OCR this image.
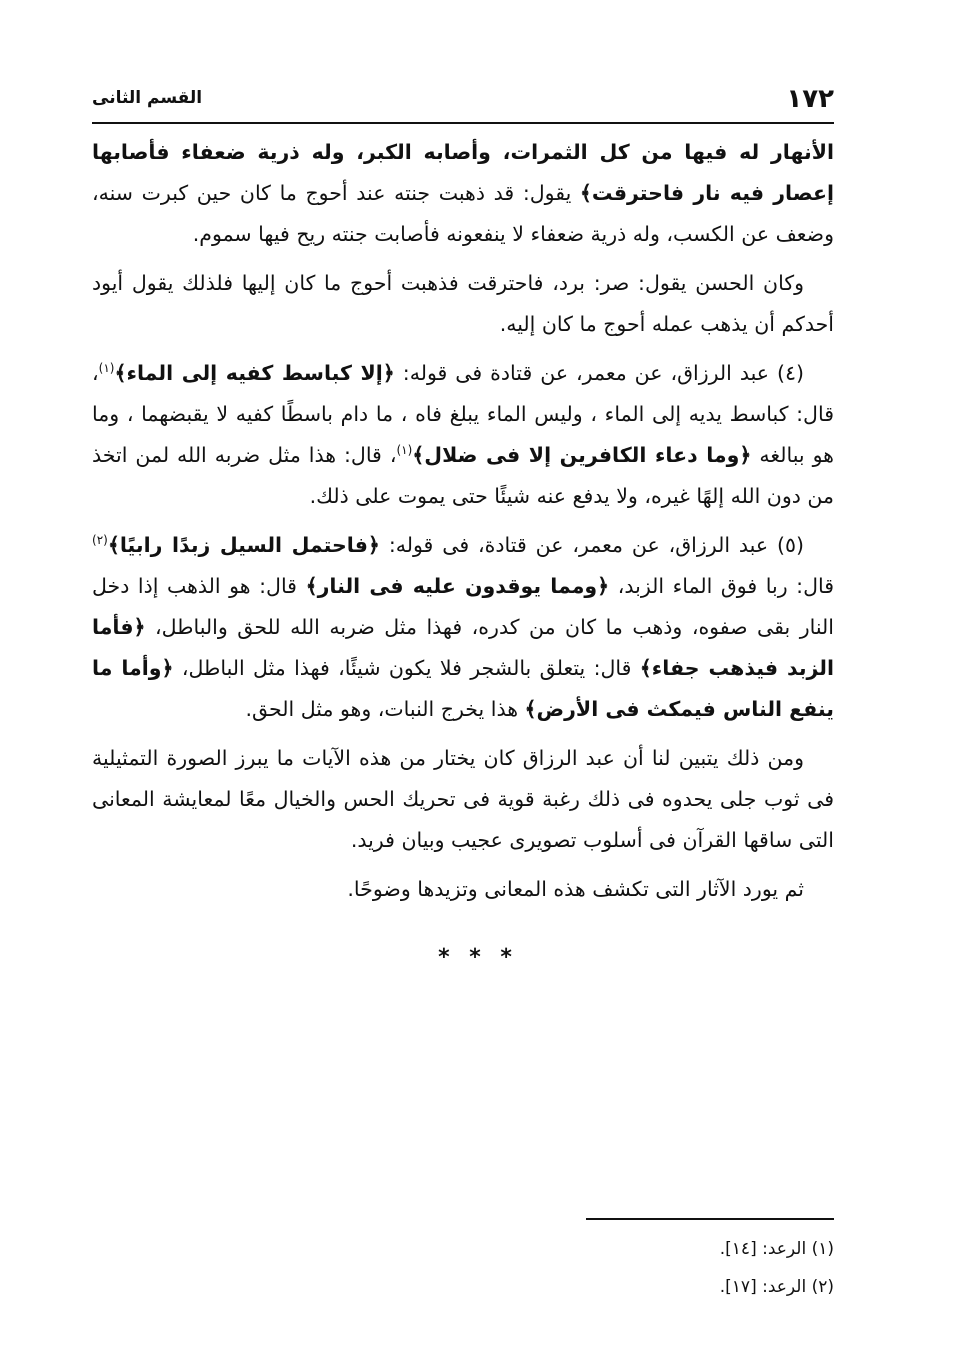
١٧٢
القسم الثانى

الأنهار له فيها من كل الثمرات، وأصابه الكبر، وله ذرية ضعفاء فأصابها إعصار فيه نار فاحترقت﴾ يقول: قد ذهبت جنته عند أحوج ما كان حين كبرت سنه، وضعف عن الكسب، وله ذرية ضعفاء لا ينفعونه فأصابت جنته ريح فيها سموم.

وكان الحسن يقول: صر: برد، فاحترقت فذهبت أحوج ما كان إليها فلذلك يقول أيود أحدكم أن يذهب عمله أحوج ما كان إليه.

(٤) عبد الرزاق، عن معمر، عن قتادة فى قوله: ﴿إلا كباسط كفيه إلى الماء﴾$^{(١)}$، قال: كباسط يديه إلى الماء ، وليس الماء يبلغ فاه ، ما دام باسطًا كفيه لا يقبضهما ، وما هو ببالغه ﴿وما دعاء الكافرين إلا فى ضلال﴾$^{(١)}$، قال: هذا مثل ضربه الله لمن اتخذ من دون الله إلهًا غيره، ولا يدفع عنه شيئًا حتى يموت على ذلك.

(٥) عبد الرزاق، عن معمر، عن قتادة، فى قوله: ﴿فاحتمل السيل زبدًا رابيًا﴾$^{(٢)}$ قال: ربا فوق الماء الزبد، ﴿ومما يوقدون عليه فى النار﴾ قال: هو الذهب إذا دخل النار بقى صفوه، وذهب ما كان من كدره، فهذا مثل ضربه الله للحق والباطل، ﴿فأما الزبد فيذهب جفاء﴾ قال: يتعلق بالشجر فلا يكون شيئًا، فهذا مثل الباطل، ﴿وأما ما ينفع الناس فيمكث فى الأرض﴾ هذا يخرج النبات، وهو مثل الحق.

ومن ذلك يتبين لنا أن عبد الرزاق كان يختار من هذه الآيات ما يبرز الصورة التمثيلية فى ثوب جلى يحدوه فى ذلك رغبة قوية فى تحريك الحس والخيال معًا لمعايشة المعانى التى ساقها القرآن فى أسلوب تصويرى عجيب وبيان فريد.

ثم يورد الآثار التى تكشف هذه المعانى وتزيدها وضوحًا.

* * *
(١) الرعد: [١٤].
(٢) الرعد: [١٧].
